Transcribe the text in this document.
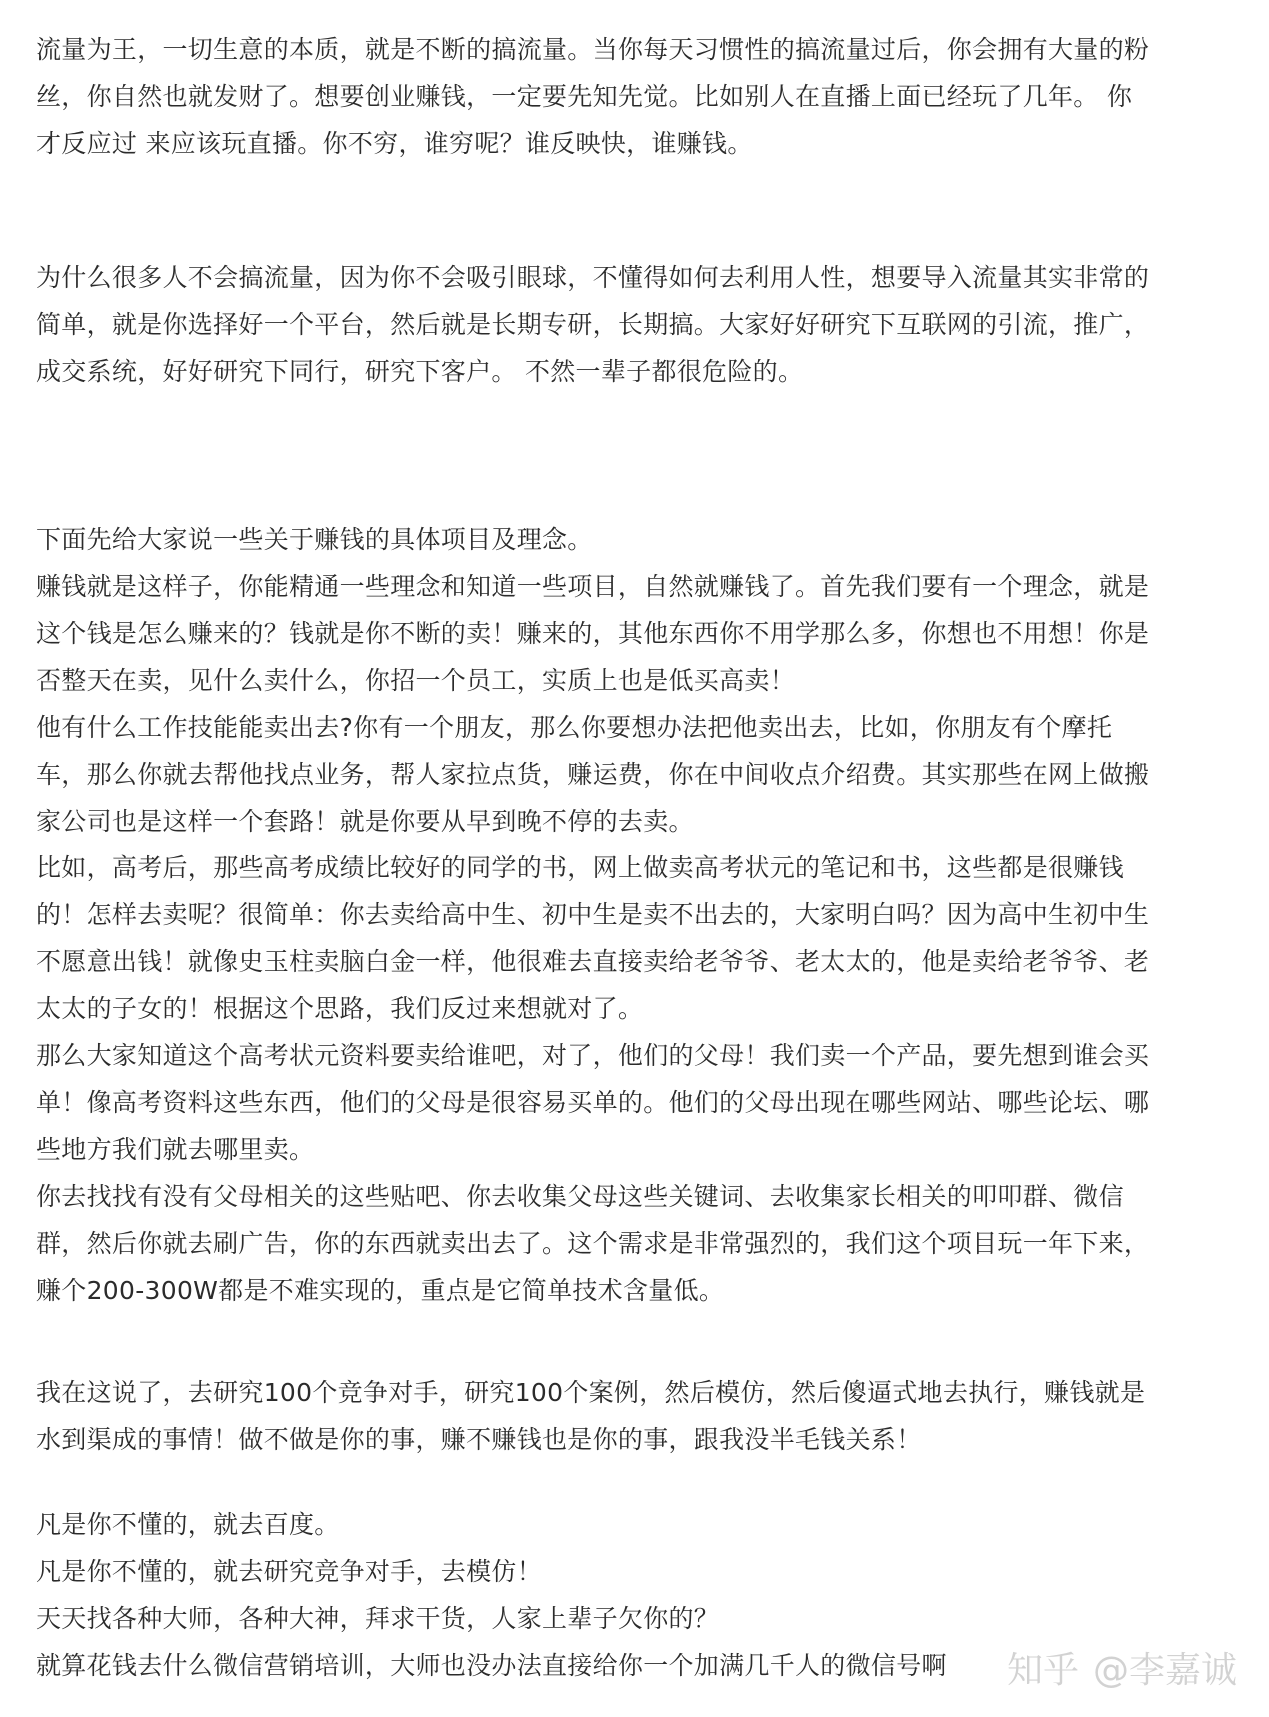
流量为王，一切生意的本质，就是不断的搞流量。当你每天习惯性的搞流量过后，你会拥有大量的粉
丝，你自然也就发财了。想要创业赚钱，一定要先知先觉。比如别人在直播上面已经玩了几年。 你
才反应过 来应该玩直播。你不穷，谁穷呢？谁反映快，谁赚钱。

为什么很多人不会搞流量，因为你不会吸引眼球，不懂得如何去利用人性，想要导入流量其实非常的
简单，就是你选择好一个平台，然后就是长期专研，长期搞。大家好好研究下互联网的引流，推广，
成交系统，好好研究下同行，研究下客户。 不然一辈子都很危险的。

下面先给大家说一些关于赚钱的具体项目及理念。
赚钱就是这样子，你能精通一些理念和知道一些项目，自然就赚钱了。首先我们要有一个理念，就是
这个钱是怎么赚来的？钱就是你不断的卖！赚来的，其他东西你不用学那么多，你想也不用想！你是
否整天在卖，见什么卖什么，你招一个员工，实质上也是低买高卖！
他有什么工作技能能卖出去?你有一个朋友，那么你要想办法把他卖出去，比如，你朋友有个摩托
车，那么你就去帮他找点业务，帮人家拉点货，赚运费，你在中间收点介绍费。其实那些在网上做搬
家公司也是这样一个套路！就是你要从早到晚不停的去卖。

比如，高考后，那些高考成绩比较好的同学的书，网上做卖高考状元的笔记和书，这些都是很赚钱
的！怎样去卖呢？很简单：你去卖给高中生、初中生是卖不出去的，大家明白吗？因为高中生初中生
不愿意出钱！就像史玉柱卖脑白金一样，他很难去直接卖给老爷爷、老太太的，他是卖给老爷爷、老
太太的子女的！根据这个思路，我们反过来想就对了。
那么大家知道这个高考状元资料要卖给谁吧，对了，他们的父母！我们卖一个产品，要先想到谁会买
单！像高考资料这些东西，他们的父母是很容易买单的。他们的父母出现在哪些网站、哪些论坛、哪
些地方我们就去哪里卖。
你去找找有没有父母相关的这些贴吧、你去收集父母这些关键词、去收集家长相关的叩叩群、微信
群，然后你就去刷广告，你的东西就卖出去了。这个需求是非常强烈的，我们这个项目玩一年下来，
赚个200-300W都是不难实现的，重点是它简单技术含量低。

我在这说了，去研究100个竞争对手，研究100个案例，然后模仿，然后傻逼式地去执行，赚钱就是
水到渠成的事情！做不做是你的事，赚不赚钱也是你的事，跟我没半毛钱关系！

凡是你不懂的，就去百度。
凡是你不懂的，就去研究竞争对手，去模仿！
天天找各种大师，各种大神，拜求干货，人家上辈子欠你的？
就算花钱去什么微信营销培训，大师也没办法直接给你一个加满几千人的微信号啊	知乎 @李嘉诚
